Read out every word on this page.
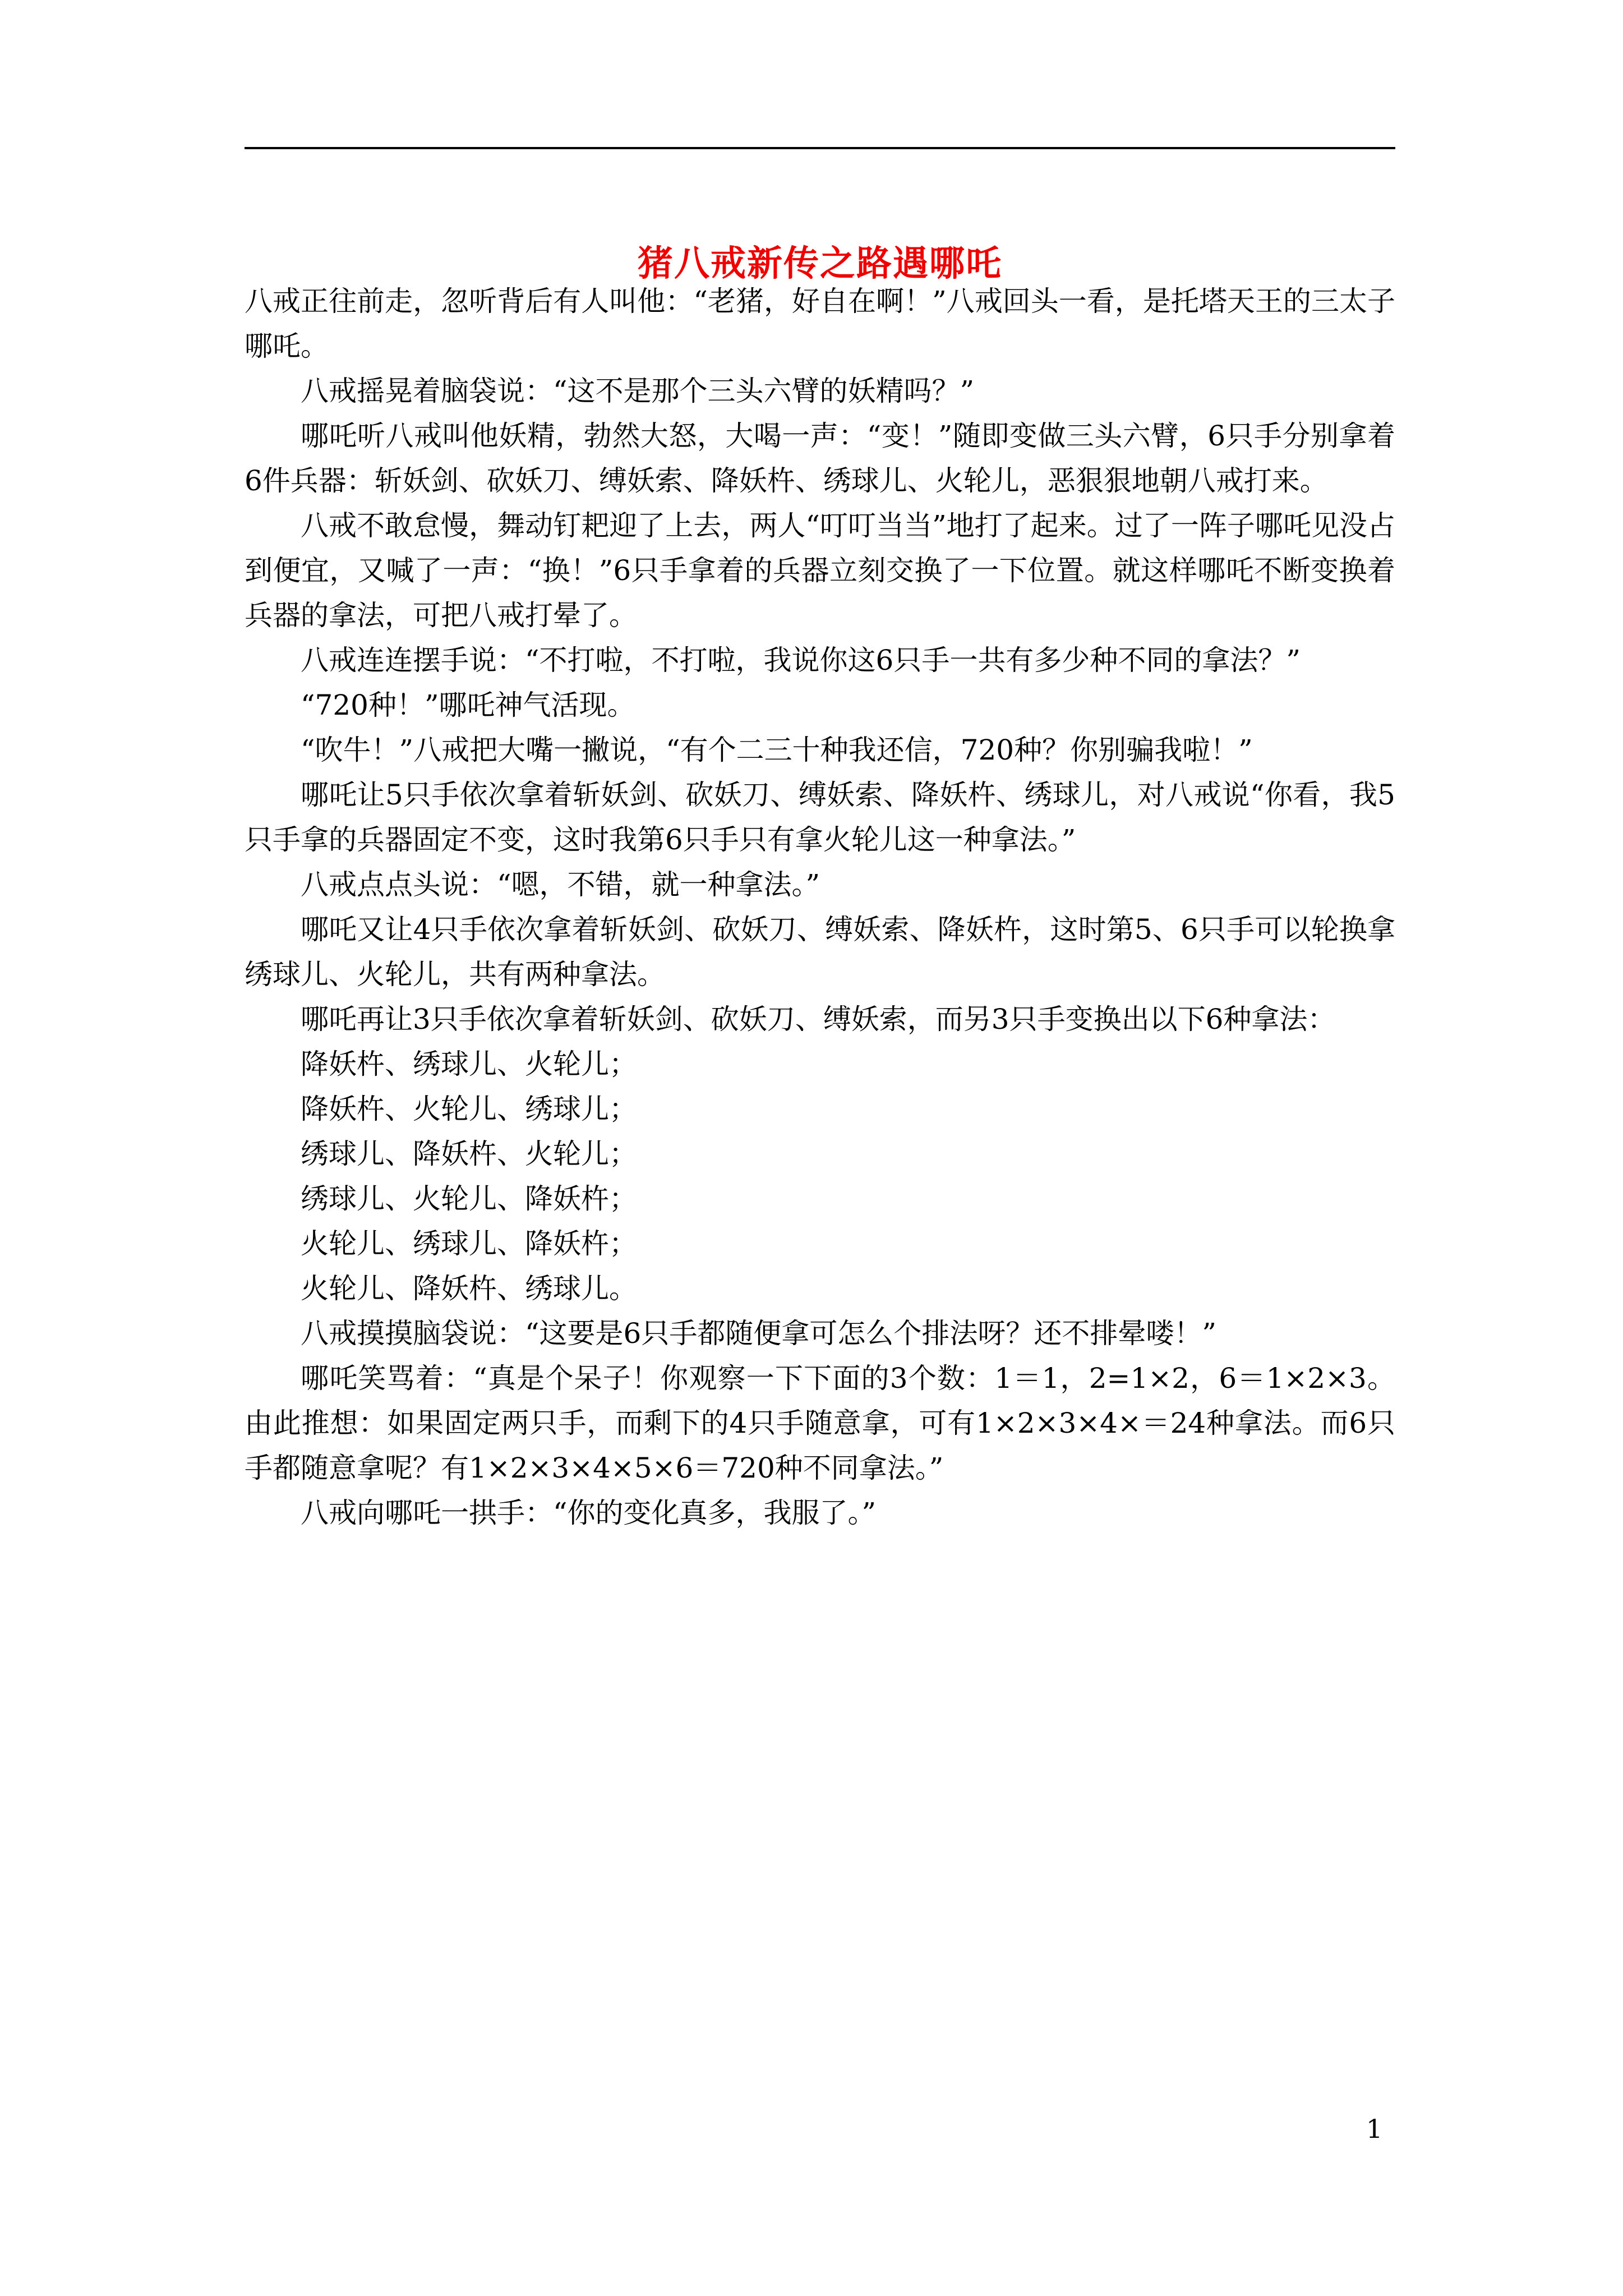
猪八戒新传之路遇哪吒

八戒正往前走，忽听背后有人叫他：“老猪，好自在啊！”八戒回头一看，是托塔天王的三太子哪吒。

八戒摇晃着脑袋说：“这不是那个三头六臂的妖精吗？”

哪吒听八戒叫他妖精，勃然大怒，大喝一声：“变！”随即变做三头六臂，6只手分别拿着6件兵器：斩妖剑、砍妖刀、缚妖索、降妖杵、绣球儿、火轮儿，恶狠狠地朝八戒打来。

八戒不敢怠慢，舞动钉耙迎了上去，两人“叮叮当当”地打了起来。过了一阵子哪吒见没占到便宜，又喊了一声：“换！”6只手拿着的兵器立刻交换了一下位置。就这样哪吒不断变换着兵器的拿法，可把八戒打晕了。

八戒连连摆手说：“不打啦，不打啦，我说你这6只手一共有多少种不同的拿法？”

“720种！”哪吒神气活现。

“吹牛！”八戒把大嘴一撇说，“有个二三十种我还信，720种？你别骗我啦！”

哪吒让5只手依次拿着斩妖剑、砍妖刀、缚妖索、降妖杵、绣球儿，对八戒说“你看，我5只手拿的兵器固定不变，这时我第6只手只有拿火轮儿这一种拿法。”

八戒点点头说：“嗯，不错，就一种拿法。”

哪吒又让4只手依次拿着斩妖剑、砍妖刀、缚妖索、降妖杵，这时第5、6只手可以轮换拿绣球儿、火轮儿，共有两种拿法。

哪吒再让3只手依次拿着斩妖剑、砍妖刀、缚妖索，而另3只手变换出以下6种拿法：

降妖杵、绣球儿、火轮儿；

降妖杵、火轮儿、绣球儿；

绣球儿、降妖杵、火轮儿；

绣球儿、火轮儿、降妖杵；

火轮儿、绣球儿、降妖杵；

火轮儿、降妖杵、绣球儿。

八戒摸摸脑袋说：“这要是6只手都随便拿可怎么个排法呀？还不排晕喽！”

哪吒笑骂着：“真是个呆子！你观察一下下面的3个数：1＝1，2=1×2，6＝1×2×3。由此推想：如果固定两只手，而剩下的4只手随意拿，可有1×2×3×4×＝24种拿法。而6只手都随意拿呢？有1×2×3×4×5×6＝720种不同拿法。”

八戒向哪吒一拱手：“你的变化真多，我服了。”

1
